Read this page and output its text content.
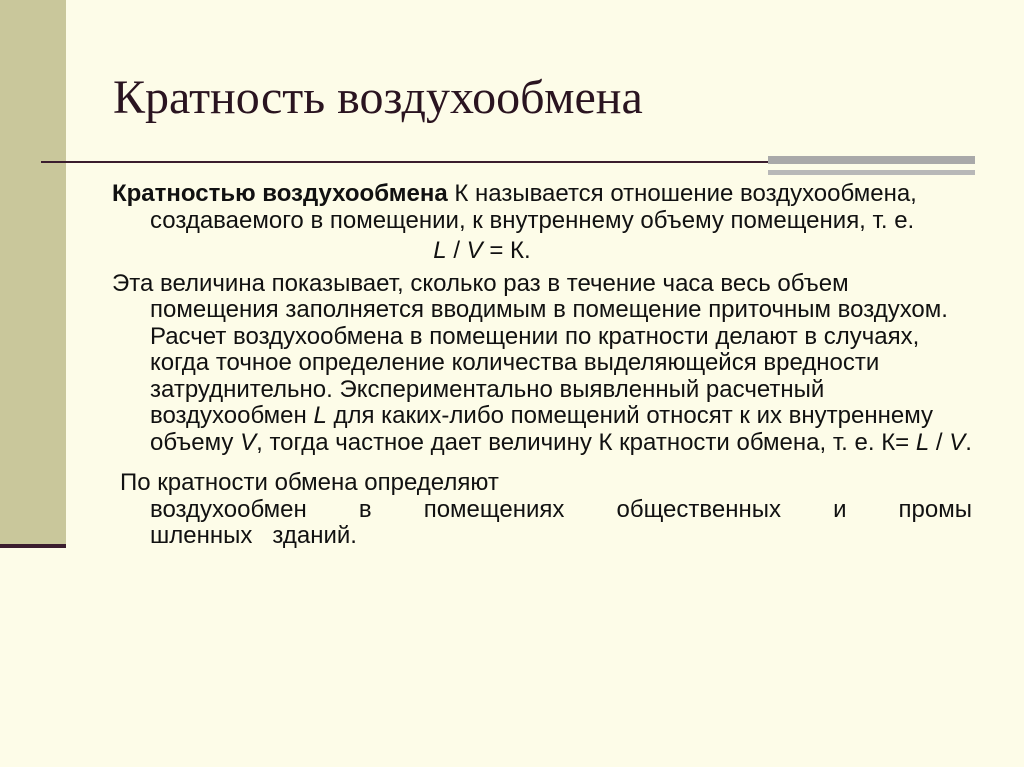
Кратность воздухообмена

Кратностью воздухообмена К называется отношение воздухообмена, создаваемого в помещении, к внутреннему объему помещения, т. е.

L / V = К.

Эта величина показывает, сколько раз в течение часа весь объем помещения заполняется вводимым в помещение приточным воздухом. Расчет воздухообмена в помещении по кратности делают в случаях, когда точное определение количества выделяющейся вредности затруднительно. Экспериментально выявленный расчетный воздухообмен L для каких-либо помещений относят к их внутреннему объему V, тогда частное дает величину К кратности обмена, т. е. К= L / V.

По кратности обмена определяют
воздухообмен в помещениях общественных и промы
шленных   зданий.
